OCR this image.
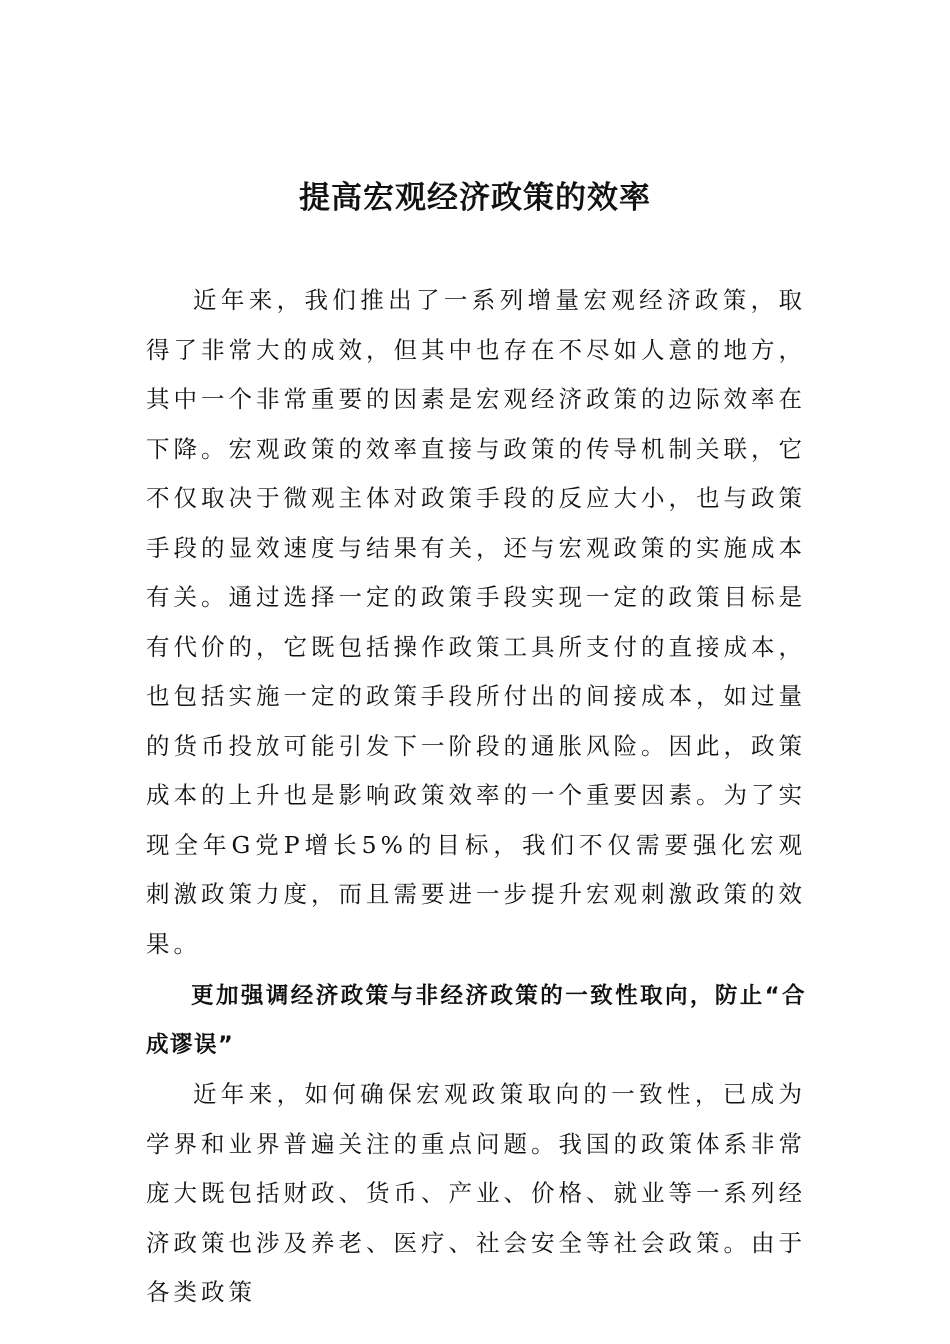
提高宏观经济政策的效率

近年来，我们推出了一系列增量宏观经济政策，取得了非常大的成效，但其中也存在不尽如人意的地方，其中一个非常重要的因素是宏观经济政策的边际效率在下降。宏观政策的效率直接与政策的传导机制关联，它不仅取决于微观主体对政策手段的反应大小，也与政策手段的显效速度与结果有关，还与宏观政策的实施成本有关。通过选择一定的政策手段实现一定的政策目标是有代价的，它既包括操作政策工具所支付的直接成本，也包括实施一定的政策手段所付出的间接成本，如过量的货币投放可能引发下一阶段的通胀风险。因此，政策成本的上升也是影响政策效率的一个重要因素。为了实现全年G党P增长5%的目标，我们不仅需要强化宏观刺激政策力度，而且需要进一步提升宏观刺激政策的效果。

更加强调经济政策与非经济政策的一致性取向，防止“合成谬误”

近年来，如何确保宏观政策取向的一致性，已成为学界和业界普遍关注的重点问题。我国的政策体系非常庞大既包括财政、货币、产业、价格、就业等一系列经济政策也涉及养老、医疗、社会安全等社会政策。由于各类政策
